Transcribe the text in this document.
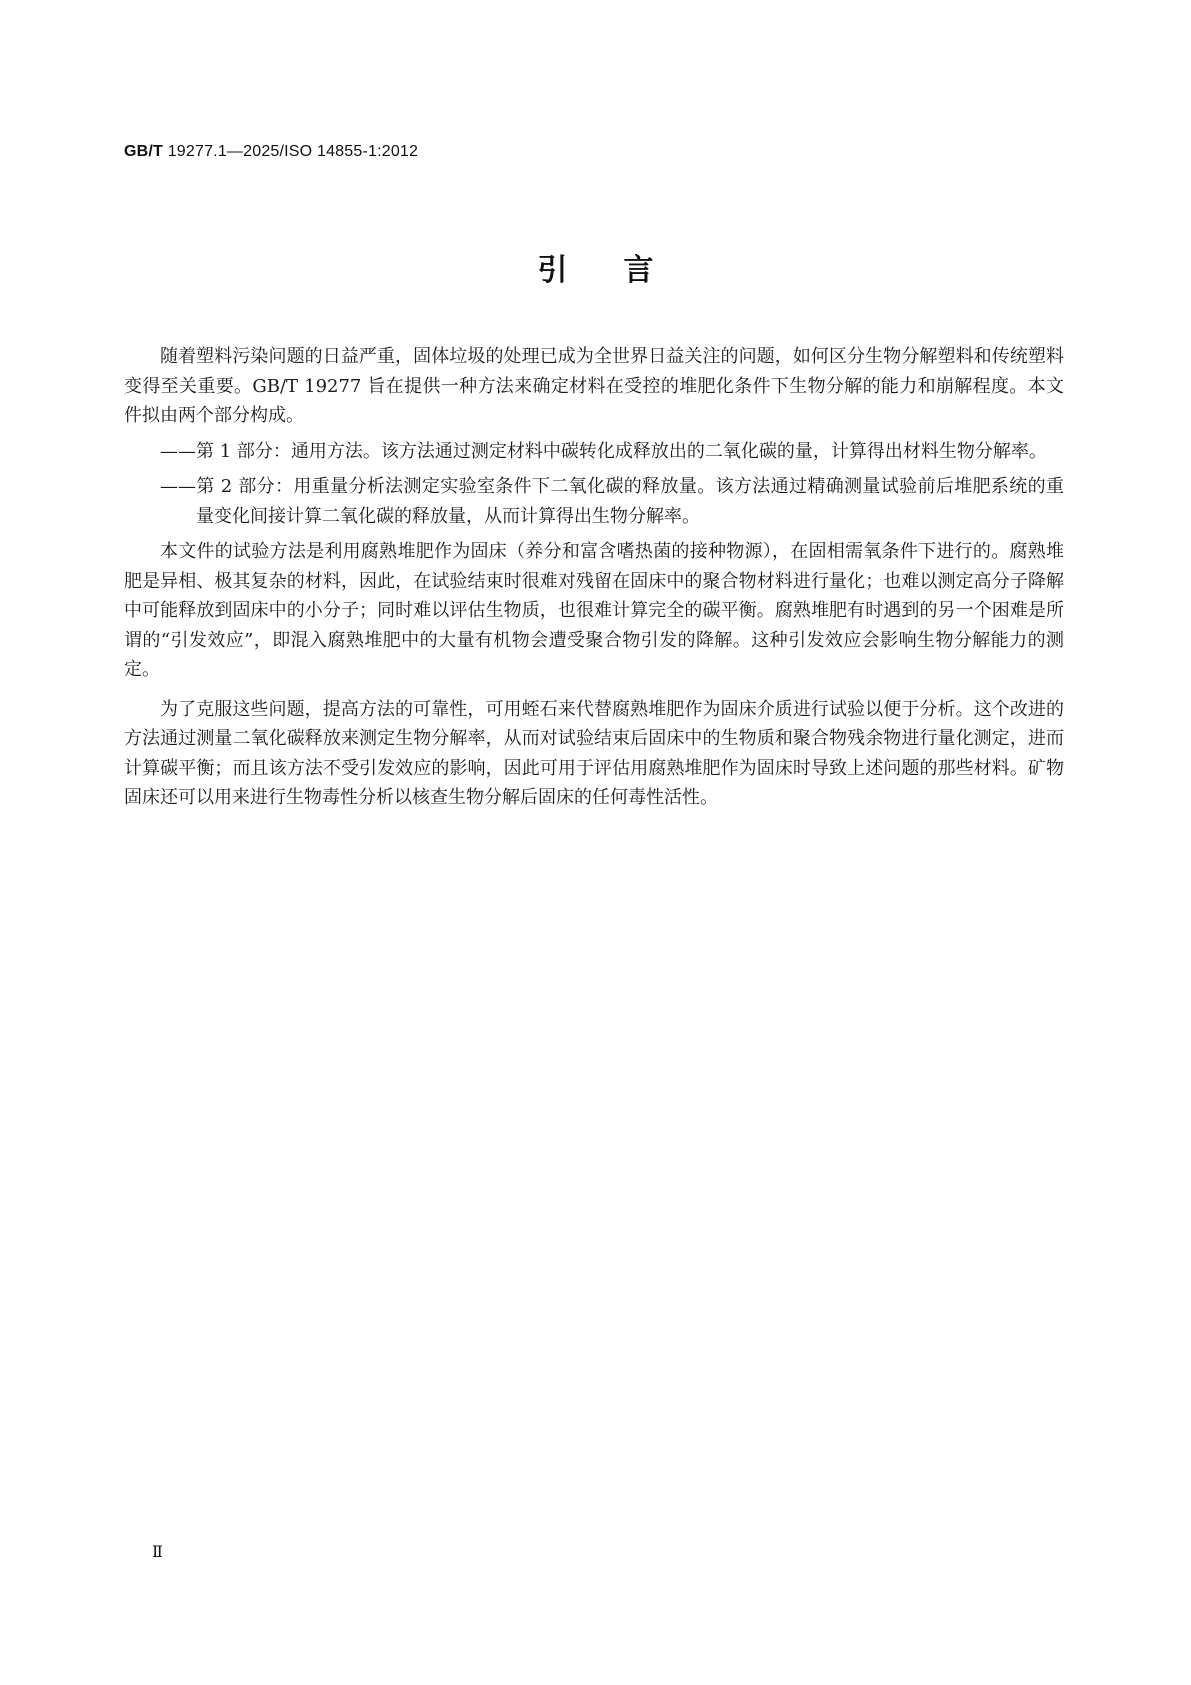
GB/T 19277.1—2025/ISO 14855-1:2012
引言

随着塑料污染问题的日益严重，固体垃圾的处理已成为全世界日益关注的问题，如何区分生物分解塑料和传统塑料变得至关重要。GB/T 19277 旨在提供一种方法来确定材料在受控的堆肥化条件下生物分解的能力和崩解程度。本文件拟由两个部分构成。

——第 1 部分：通用方法。该方法通过测定材料中碳转化成释放出的二氧化碳的量，计算得出材料生物分解率。

——第 2 部分：用重量分析法测定实验室条件下二氧化碳的释放量。该方法通过精确测量试验前后堆肥系统的重量变化间接计算二氧化碳的释放量，从而计算得出生物分解率。

本文件的试验方法是利用腐熟堆肥作为固床（养分和富含嗜热菌的接种物源），在固相需氧条件下进行的。腐熟堆肥是异相、极其复杂的材料，因此，在试验结束时很难对残留在固床中的聚合物材料进行量化；也难以测定高分子降解中可能释放到固床中的小分子；同时难以评估生物质，也很难计算完全的碳平衡。腐熟堆肥有时遇到的另一个困难是所谓的“引发效应”，即混入腐熟堆肥中的大量有机物会遭受聚合物引发的降解。这种引发效应会影响生物分解能力的测定。

为了克服这些问题，提高方法的可靠性，可用蛭石来代替腐熟堆肥作为固床介质进行试验以便于分析。这个改进的方法通过测量二氧化碳释放来测定生物分解率，从而对试验结束后固床中的生物质和聚合物残余物进行量化测定，进而计算碳平衡；而且该方法不受引发效应的影响，因此可用于评估用腐熟堆肥作为固床时导致上述问题的那些材料。矿物固床还可以用来进行生物毒性分析以核查生物分解后固床的任何毒性活性。

Ⅱ
